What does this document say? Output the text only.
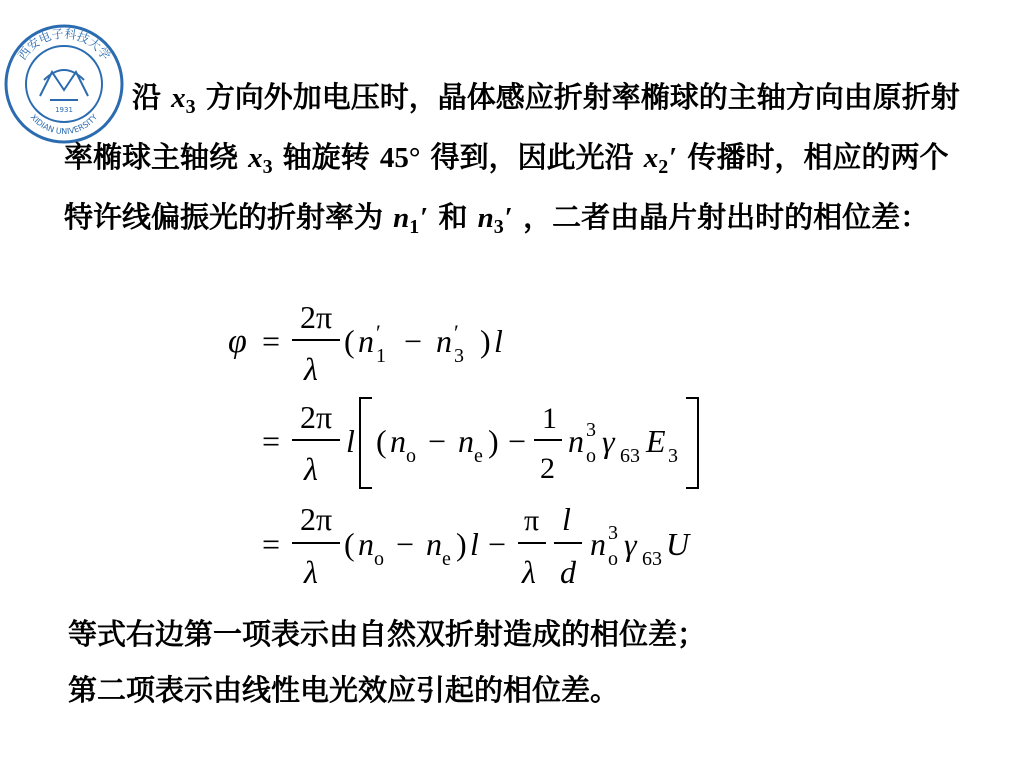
西安电子科技大学
XIDIAN UNIVERSITY
1931	沿 $x_3$ 方向外加电压时，晶体感应折射率椭球的主轴方向由原折射率椭球主轴绕 $x_3$ 轴旋转 45° 得到，因此光沿 $x_2'$ 传播时，相应的两个特许线偏振光的折射率为 $n_1'$ 和 $n_3'$ ，二者由晶片射出时的相位差：
φ =
2π
λ
( n ′
1 − n ′
3 ) l
=
2π
λ
l ( n o − n e ) −
1
2
n 3
o γ 63 E 3
=
2π
λ
( n o − n e ) l −
π
λ
l
d
n 3
o γ 63 U
等式右边第一项表示由自然双折射造成的相位差；
第二项表示由线性电光效应引起的相位差。
